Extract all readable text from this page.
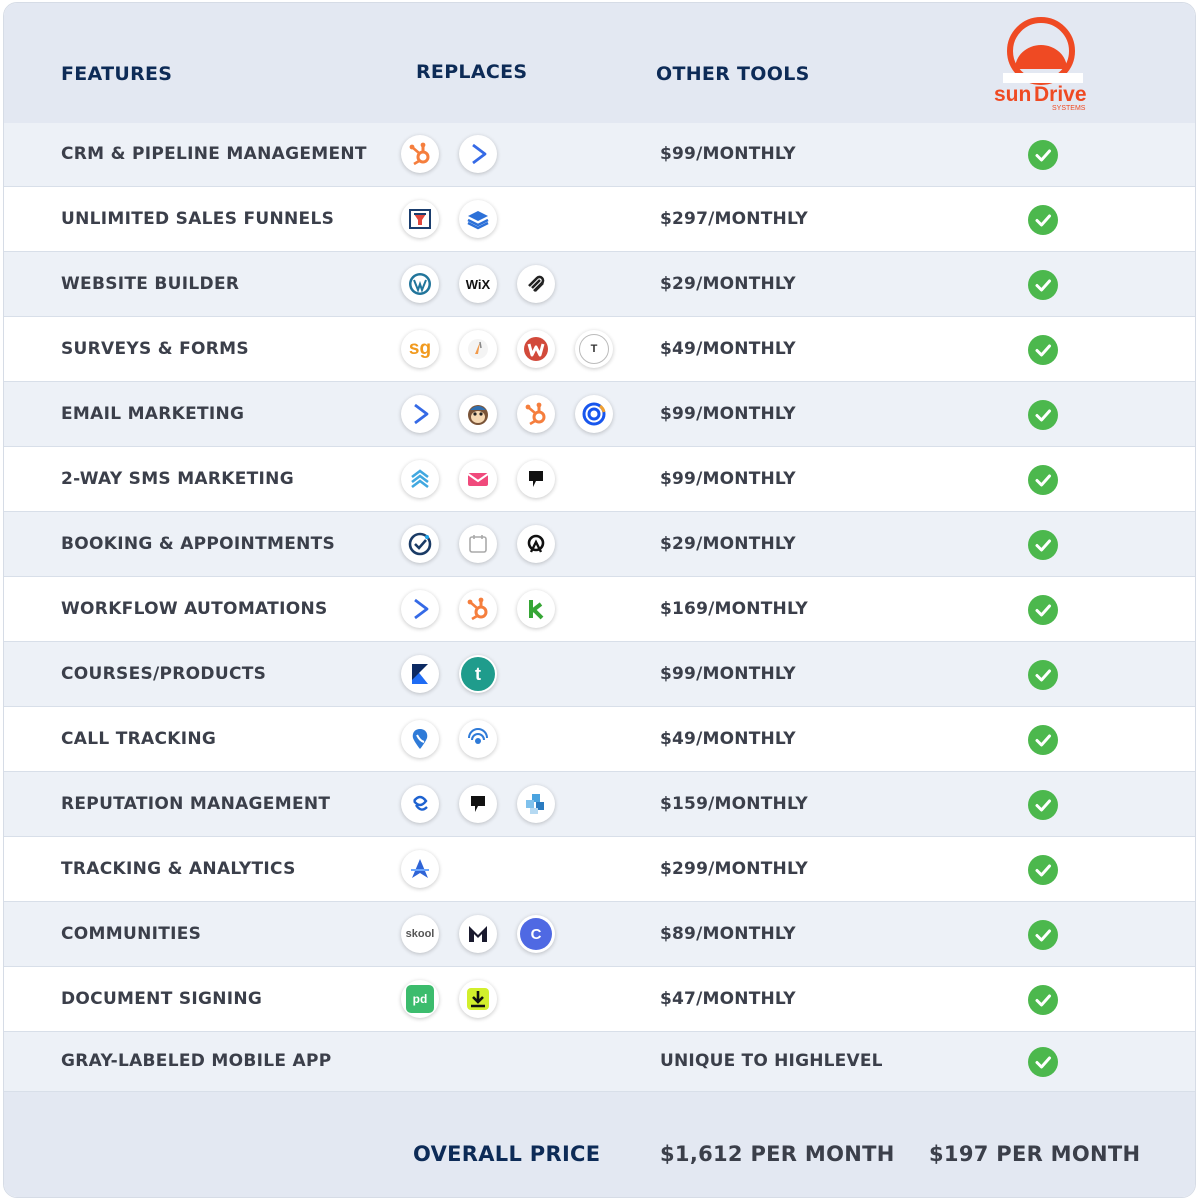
FEATURES	REPLACES	OTHER TOOLS
sun Drive
SYSTEMS
CRM & PIPELINE MANAGEMENT	$99/MONTHLY
UNLIMITED SALES FUNNELS	$297/MONTHLY
WEBSITE BUILDER	WiX	$29/MONTHLY
SURVEYS & FORMS	sg	T	$49/MONTHLY
EMAIL MARKETING	$99/MONTHLY
2-WAY SMS MARKETING	$99/MONTHLY
BOOKING & APPOINTMENTS	$29/MONTHLY
WORKFLOW AUTOMATIONS	$169/MONTHLY
COURSES/PRODUCTS	t	$99/MONTHLY
CALL TRACKING	$49/MONTHLY
REPUTATION MANAGEMENT	$159/MONTHLY
TRACKING & ANALYTICS	$299/MONTHLY
COMMUNITIES	skool	C	$89/MONTHLY
DOCUMENT SIGNING	pd	$47/MONTHLY
GRAY-LABELED MOBILE APP	UNIQUE TO HIGHLEVEL
OVERALL PRICE	$1,612 PER MONTH $197 PER MONTH
